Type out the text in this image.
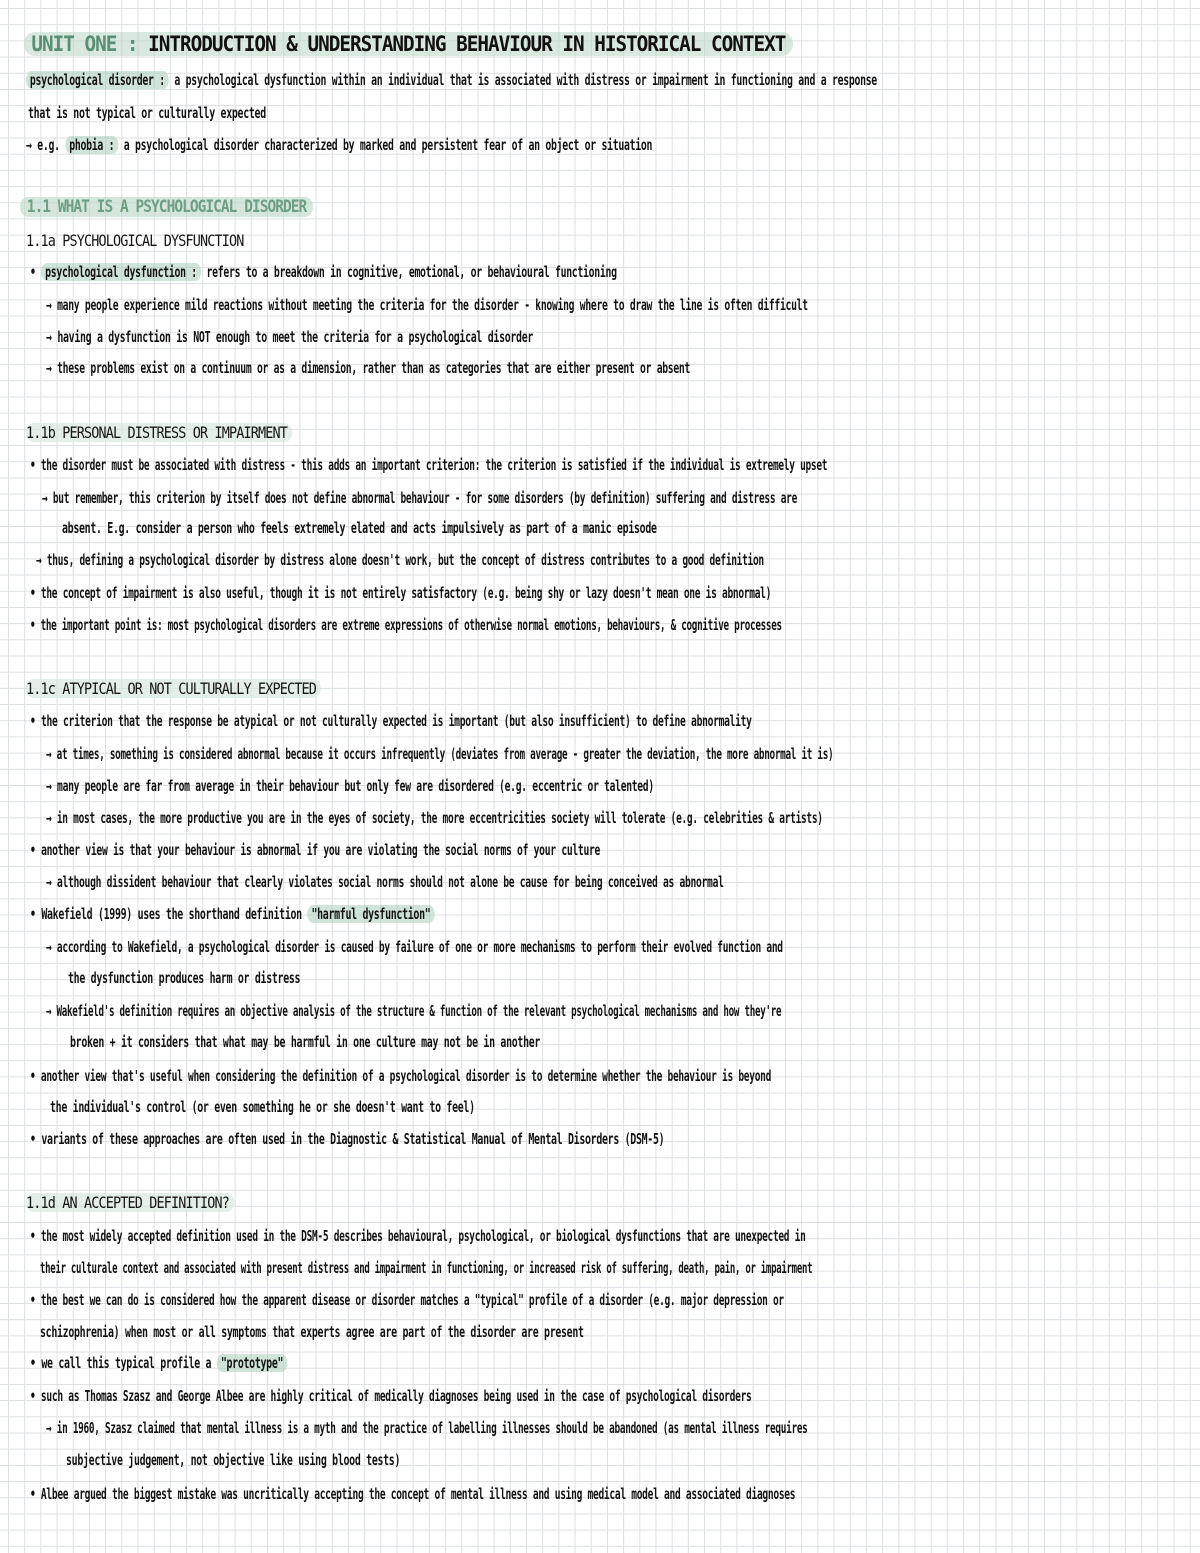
UNIT ONE : INTRODUCTION & UNDERSTANDING BEHAVIOUR IN HISTORICAL CONTEXT
psychological disorder : a psychological dysfunction within an individual that is associated with distress or impairment in functioning and a response
that is not typical or culturally expected
→ e.g. phobia : a psychological disorder characterized by marked and persistent fear of an object or situation
1.1 WHAT IS A PSYCHOLOGICAL DISORDER
1.1a PSYCHOLOGICAL DYSFUNCTION
• psychological dysfunction : refers to a breakdown in cognitive, emotional, or behavioural functioning
→ many people experience mild reactions without meeting the criteria for the disorder - knowing where to draw the line is often difficult
→ having a dysfunction is NOT enough to meet the criteria for a psychological disorder
→ these problems exist on a continuum or as a dimension, rather than as categories that are either present or absent
1.1b PERSONAL DISTRESS OR IMPAIRMENT
• the disorder must be associated with distress - this adds an important criterion: the criterion is satisfied if the individual is extremely upset
→ but remember, this criterion by itself does not define abnormal behaviour - for some disorders (by definition) suffering and distress are
absent. E.g. consider a person who feels extremely elated and acts impulsively as part of a manic episode
→ thus, defining a psychological disorder by distress alone doesn't work, but the concept of distress contributes to a good definition
• the concept of impairment is also useful, though it is not entirely satisfactory (e.g. being shy or lazy doesn't mean one is abnormal)
• the important point is: most psychological disorders are extreme expressions of otherwise normal emotions, behaviours, & cognitive processes
1.1c ATYPICAL OR NOT CULTURALLY EXPECTED
• the criterion that the response be atypical or not culturally expected is important (but also insufficient) to define abnormality
→ at times, something is considered abnormal because it occurs infrequently (deviates from average - greater the deviation, the more abnormal it is)
→ many people are far from average in their behaviour but only few are disordered (e.g. eccentric or talented)
→ in most cases, the more productive you are in the eyes of society, the more eccentricities society will tolerate (e.g. celebrities & artists)
• another view is that your behaviour is abnormal if you are violating the social norms of your culture
→ although dissident behaviour that clearly violates social norms should not alone be cause for being conceived as abnormal
• Wakefield (1999) uses the shorthand definition "harmful dysfunction"
→ according to Wakefield, a psychological disorder is caused by failure of one or more mechanisms to perform their evolved function and
the dysfunction produces harm or distress
→ Wakefield's definition requires an objective analysis of the structure & function of the relevant psychological mechanisms and how they're
broken + it considers that what may be harmful in one culture may not be in another
• another view that's useful when considering the definition of a psychological disorder is to determine whether the behaviour is beyond
the individual's control (or even something he or she doesn't want to feel)
• variants of these approaches are often used in the Diagnostic & Statistical Manual of Mental Disorders (DSM-5)
1.1d AN ACCEPTED DEFINITION?
• the most widely accepted definition used in the DSM-5 describes behavioural, psychological, or biological dysfunctions that are unexpected in
their culturale context and associated with present distress and impairment in functioning, or increased risk of suffering, death, pain, or impairment
• the best we can do is considered how the apparent disease or disorder matches a "typical" profile of a disorder (e.g. major depression or
schizophrenia) when most or all symptoms that experts agree are part of the disorder are present
• we call this typical profile a "prototype"
• such as Thomas Szasz and George Albee are highly critical of medically diagnoses being used in the case of psychological disorders
→ in 1960, Szasz claimed that mental illness is a myth and the practice of labelling illnesses should be abandoned (as mental illness requires
subjective judgement, not objective like using blood tests)
• Albee argued the biggest mistake was uncritically accepting the concept of mental illness and using medical model and associated diagnoses
